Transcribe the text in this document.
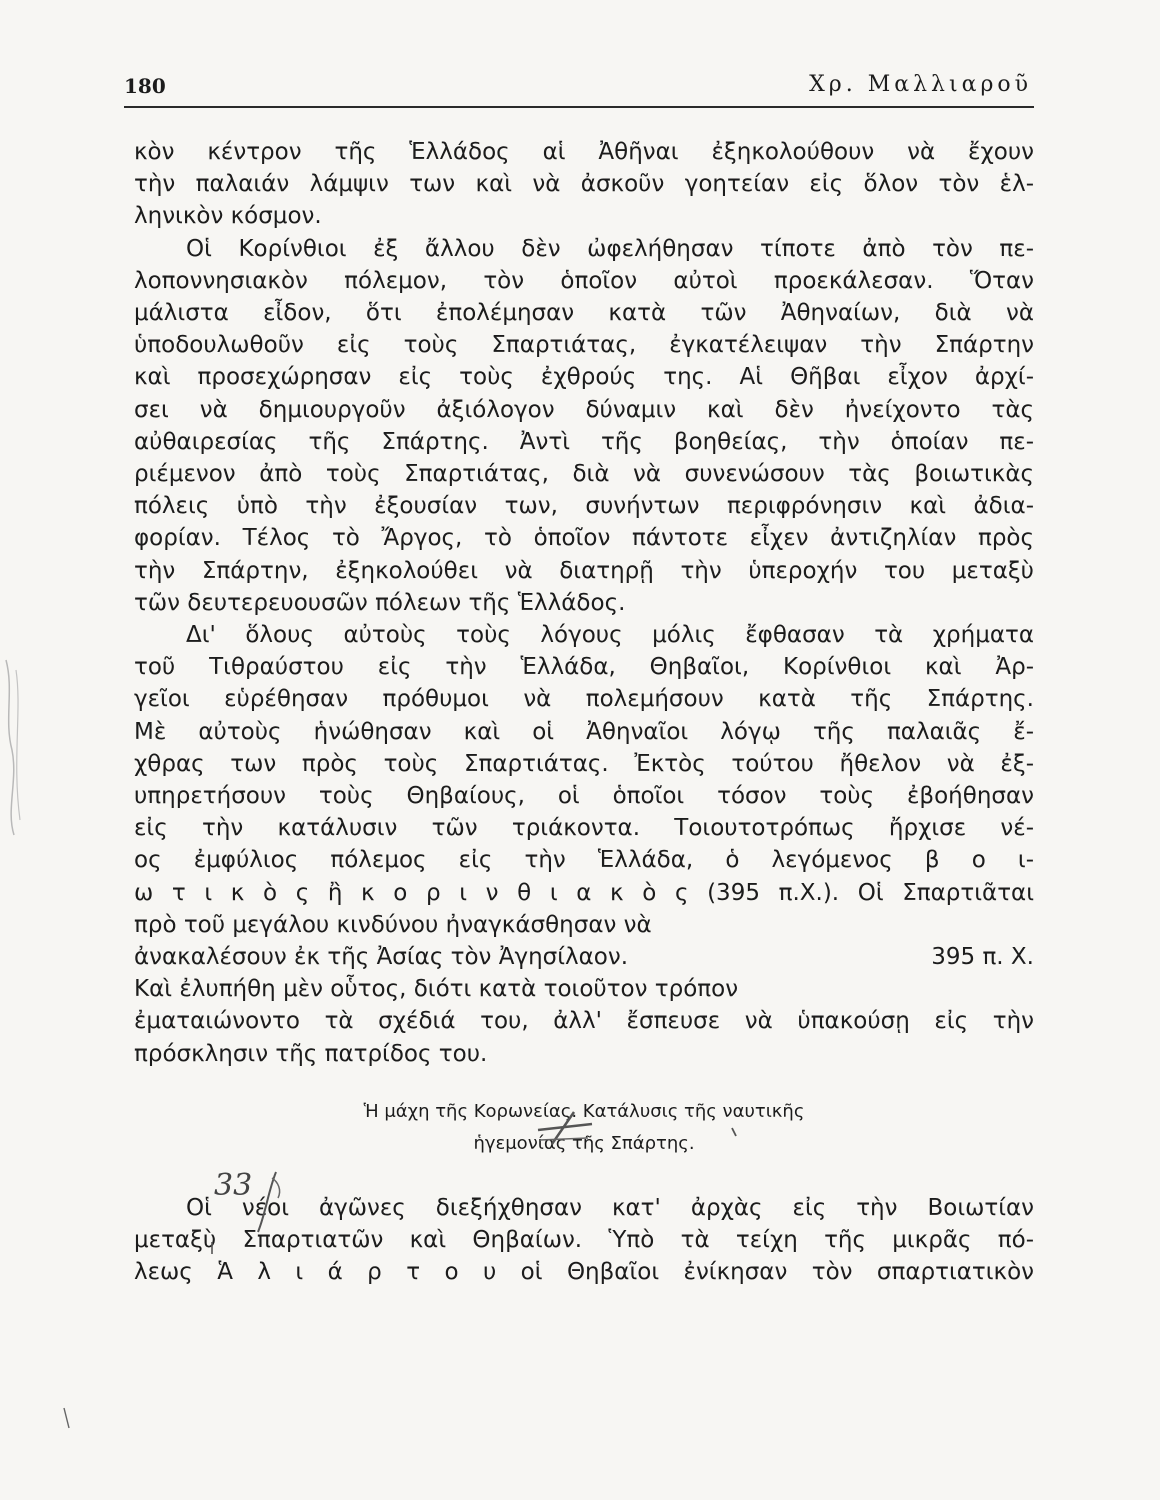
180	Χρ. Μαλλιαροῦ
κὸν κέντρον τῆς Ἑλλάδος αἱ Ἀθῆναι ἐξηκολούθουν νὰ ἔχουν
τὴν παλαιάν λάμψιν των καὶ νὰ ἀσκοῦν γοητείαν εἰς ὅλον τὸν ἑλ-
ληνικὸν κόσμον.
Οἱ Κορίνθιοι ἐξ ἄλλου δὲν ὠφελήθησαν τίποτε ἀπὸ τὸν πε-
λοποννησιακὸν πόλεμον, τὸν ὁποῖον αὐτοὶ προεκάλεσαν. Ὅταν
μάλιστα εἶδον, ὅτι ἐπολέμησαν κατὰ τῶν Ἀθηναίων, διὰ νὰ
ὑποδουλωθοῦν εἰς τοὺς Σπαρτιάτας, ἐγκατέλειψαν τὴν Σπάρτην
καὶ προσεχώρησαν εἰς τοὺς ἐχθρούς της. Αἱ Θῆβαι εἶχον ἀρχί-
σει νὰ δημιουργοῦν ἀξιόλογον δύναμιν καὶ δὲν ἠνείχοντο τὰς
αὐθαιρεσίας τῆς Σπάρτης. Ἀντὶ τῆς βοηθείας, τὴν ὁποίαν πε-
ριέμενον ἀπὸ τοὺς Σπαρτιάτας, διὰ νὰ συνενώσουν τὰς βοιωτικὰς
πόλεις ὑπὸ τὴν ἐξουσίαν των, συνήντων περιφρόνησιν καὶ ἀδια-
φορίαν. Τέλος τὸ Ἄργος, τὸ ὁποῖον πάντοτε εἶχεν ἀντιζηλίαν πρὸς
τὴν Σπάρτην, ἐξηκολούθει νὰ διατηρῇ τὴν ὑπεροχήν του μεταξὺ
τῶν δευτερευουσῶν πόλεων τῆς Ἑλλάδος.
Δι' ὅλους αὐτοὺς τοὺς λόγους μόλις ἔφθασαν τὰ χρήματα
τοῦ Τιθραύστου εἰς τὴν Ἑλλάδα, Θηβαῖοι, Κορίνθιοι καὶ Ἀρ-
γεῖοι εὑρέθησαν πρόθυμοι νὰ πολεμήσουν κατὰ τῆς Σπάρτης.
Μὲ αὐτοὺς ἡνώθησαν καὶ οἱ Ἀθηναῖοι λόγῳ τῆς παλαιᾶς ἔ-
χθρας των πρὸς τοὺς Σπαρτιάτας. Ἐκτὸς τούτου ἤθελον νὰ ἐξ-
υπηρετήσουν τοὺς Θηβαίους, οἱ ὁποῖοι τόσον τοὺς ἐβοήθησαν
εἰς τὴν κατάλυσιν τῶν τριάκοντα. Τοιουτοτρόπως ἤρχισε νέ-
ος ἐμφύλιος πόλεμος εἰς τὴν Ἑλλάδα, ὁ λεγόμενος β ο ι-
ω τ ι κ ὸ ς ἢ κ ο ρ ι ν θ ι α κ ὸ ς (395 π.Χ.). Οἱ Σπαρτιᾶται
πρὸ τοῦ μεγάλου κινδύνου ἠναγκάσθησαν νὰ
ἀνακαλέσουν ἐκ τῆς Ἀσίας τὸν Ἀγησίλαον.	395 π. Χ.
Καὶ ἐλυπήθη μὲν οὗτος, διότι κατὰ τοιοῦτον τρόπον
ἐματαιώνοντο τὰ σχέδιά του, ἀλλ' ἔσπευσε νὰ ὑπακούσῃ εἰς τὴν
πρόσκλησιν τῆς πατρίδος του.
Ἡ μάχη τῆς Κορωνείας. Κατάλυσις τῆς ναυτικῆς
ἡγεμονίας τῆς Σπάρτης.
Οἱ νέοι ἀγῶνες διεξήχθησαν κατ' ἀρχὰς εἰς τὴν Βοιωτίαν
μεταξὺ Σπαρτιατῶν καὶ Θηβαίων. Ὑπὸ τὰ τείχη τῆς μικρᾶς πό-
λεως Ἁ λ ι ά ρ τ ο υ οἱ Θηβαῖοι ἐνίκησαν τὸν σπαρτιατικὸν
33
